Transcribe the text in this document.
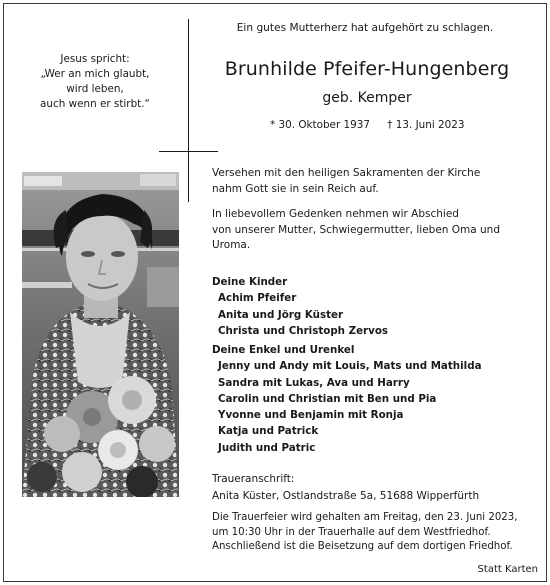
Jesus spricht:
„Wer an mich glaubt,
wird leben,
auch wenn er stirbt.“
Ein gutes Mutterherz hat aufgehört zu schlagen.
Brunhilde Pfeifer-Hungenberg
geb. Kemper
* 30. Oktober 1937 † 13. Juni 2023
Versehen mit den heiligen Sakramenten der Kirche
nahm Gott sie in sein Reich auf.
In liebevollem Gedenken nehmen wir Abschied
von unserer Mutter, Schwiegermutter, lieben Oma und
Uroma.
Deine Kinder
Achim Pfeifer
Anita und Jörg Küster
Christa und Christoph Zervos
Deine Enkel und Urenkel
Jenny und Andy mit Louis, Mats und Mathilda
Sandra mit Lukas, Ava und Harry
Carolin und Christian mit Ben und Pia
Yvonne und Benjamin mit Ronja
Katja und Patrick
Judith und Patric
Traueranschrift:
Anita Küster, Ostlandstraße 5a, 51688 Wipperfürth
Die Trauerfeier wird gehalten am Freitag, den 23. Juni 2023,
um 10:30 Uhr in der Trauerhalle auf dem Westfriedhof.
Anschließend ist die Beisetzung auf dem dortigen Friedhof.
Statt Karten
